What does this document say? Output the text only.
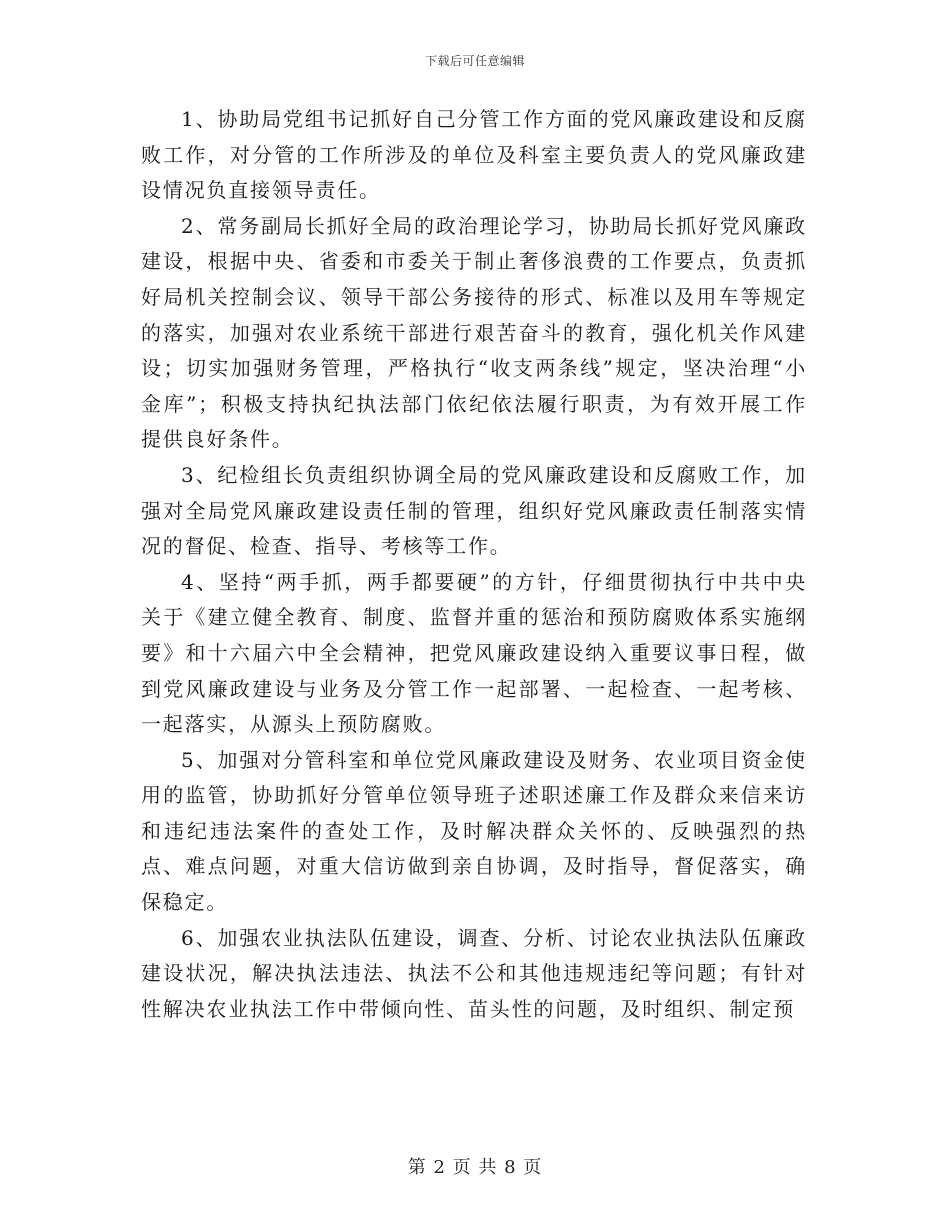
下载后可任意编辑

1、协助局党组书记抓好自己分管工作方面的党风廉政建设和反腐败工作，对分管的工作所涉及的单位及科室主要负责人的党风廉政建设情况负直接领导责任。

2、常务副局长抓好全局的政治理论学习，协助局长抓好党风廉政建设，根据中央、省委和市委关于制止奢侈浪费的工作要点，负责抓好局机关控制会议、领导干部公务接待的形式、标准以及用车等规定的落实，加强对农业系统干部进行艰苦奋斗的教育，强化机关作风建设；切实加强财务管理，严格执行“收支两条线”规定，坚决治理“小金库”；积极支持执纪执法部门依纪依法履行职责，为有效开展工作提供良好条件。

3、纪检组长负责组织协调全局的党风廉政建设和反腐败工作，加强对全局党风廉政建设责任制的管理，组织好党风廉政责任制落实情况的督促、检查、指导、考核等工作。

4、坚持“两手抓，两手都要硬”的方针，仔细贯彻执行中共中央关于《建立健全教育、制度、监督并重的惩治和预防腐败体系实施纲要》和十六届六中全会精神，把党风廉政建设纳入重要议事日程，做到党风廉政建设与业务及分管工作一起部署、一起检查、一起考核、一起落实，从源头上预防腐败。

5、加强对分管科室和单位党风廉政建设及财务、农业项目资金使用的监管，协助抓好分管单位领导班子述职述廉工作及群众来信来访和违纪违法案件的查处工作，及时解决群众关怀的、反映强烈的热点、难点问题，对重大信访做到亲自协调，及时指导，督促落实，确保稳定。

6、加强农业执法队伍建设，调查、分析、讨论农业执法队伍廉政建设状况，解决执法违法、执法不公和其他违规违纪等问题；有针对性解决农业执法工作中带倾向性、苗头性的问题，及时组织、制定预

第 2 页 共 8 页
